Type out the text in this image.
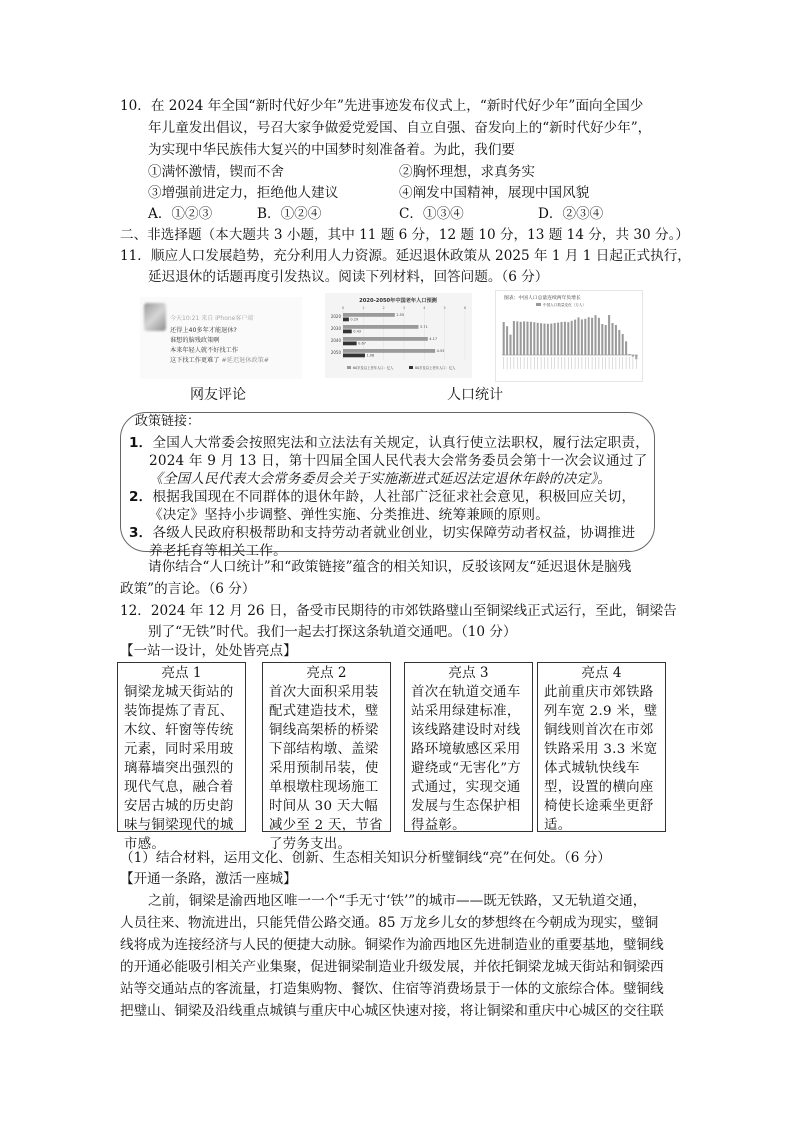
10．在 2024 年全国“新时代好少年”先进事迹发布仪式上，“新时代好少年”面向全国少
年儿童发出倡议，号召大家争做爱党爱国、自立自强、奋发向上的“新时代好少年”，
为实现中华民族伟大复兴的中国梦时刻准备着。为此，我们要
①满怀激情，锲而不舍	②胸怀理想，求真务实
③增强前进定力，拒绝他人建议	④阐发中国精神，展现中国风貌
A．①②③	B．①②④	C．①③④	D．②③④
二、非选择题（本大题共 3 小题，其中 11 题 6 分，12 题 10 分，13 题 14 分，共 30 分。）
11．顺应人口发展趋势，充分利用人力资源。延迟退休政策从 2025 年 1 月 1 日起正式执行，
延迟退休的话题再度引发热议。阅读下列材料，回答问题。（6 分）
今天10:21 来自 iPhone客户端
还得上40多年才能退休?
谁想的脑残政策啊
本来年轻人就不好找工作
这下找工作更难了 #延迟退休政策#
2020-2050年中国老年人口预测
0	1	2	3	4	5	6
2020	2.55
0.29
2030	3.71
0.43
2040	4.17
0.67
2050	4.53
1.08
60岁及以上老年人口：亿人	80岁及以上老年人口：亿人
图表：中国人口总量连续两年负增长
中国人口数量变化（万人）
网友评论	人口统计
政策链接：
1．全国人大常委会按照宪法和立法法有关规定，认真行使立法职权，履行法定职责，
2024 年 9 月 13 日，第十四届全国人民代表大会常务委员会第十一次会议通过了
《全国人民代表大会常务委员会关于实施渐进式延迟法定退休年龄的决定》。
2．根据我国现在不同群体的退休年龄，人社部广泛征求社会意见，积极回应关切，
《决定》坚持小步调整、弹性实施、分类推进、统筹兼顾的原则。
3．各级人民政府积极帮助和支持劳动者就业创业，切实保障劳动者权益，协调推进
养老托育等相关工作。
请你结合“人口统计”和“政策链接”蕴含的相关知识，反驳该网友“延迟退休是脑残
政策”的言论。（6 分）
12．2024 年 12 月 26 日，备受市民期待的市郊铁路璧山至铜梁线正式运行，至此，铜梁告
别了“无铁”时代。我们一起去打探这条轨道交通吧。（10 分）
【一站一设计，处处皆亮点】
亮点 1
铜梁龙城天街站的装饰提炼了青瓦、木纹、轩窗等传统元素，同时采用玻璃幕墙突出强烈的现代气息，融合着安居古城的历史韵味与铜梁现代的城市感。
亮点 2
首次大面积采用装配式建造技术，璧铜线高架桥的桥梁下部结构墩、盖梁采用预制吊装，使单根墩柱现场施工时间从 30 天大幅减少至 2 天，节省了劳务支出。
亮点 3
首次在轨道交通车站采用绿建标准，该线路建设时对线路环境敏感区采用避绕或“无害化”方式通过，实现交通发展与生态保护相得益彰。
亮点 4
此前重庆市郊铁路列车宽 2.9 米，璧铜线则首次在市郊铁路采用 3.3 米宽体式城轨快线车型，设置的横向座椅使长途乘坐更舒适。
（1）结合材料，运用文化、创新、生态相关知识分析璧铜线“亮”在何处。（6 分）
【开通一条路，激活一座城】
之前，铜梁是渝西地区唯一一个“手无寸‘铁’”的城市——既无铁路，又无轨道交通，
人员往来、物流进出，只能凭借公路交通。85 万龙乡儿女的梦想终在今朝成为现实，璧铜
线将成为连接经济与人民的便捷大动脉。铜梁作为渝西地区先进制造业的重要基地，璧铜线
的开通必能吸引相关产业集聚，促进铜梁制造业升级发展，并依托铜梁龙城天街站和铜梁西
站等交通站点的客流量，打造集购物、餐饮、住宿等消费场景于一体的文旅综合体。璧铜线
把璧山、铜梁及沿线重点城镇与重庆中心城区快速对接，将让铜梁和重庆中心城区的交往联
